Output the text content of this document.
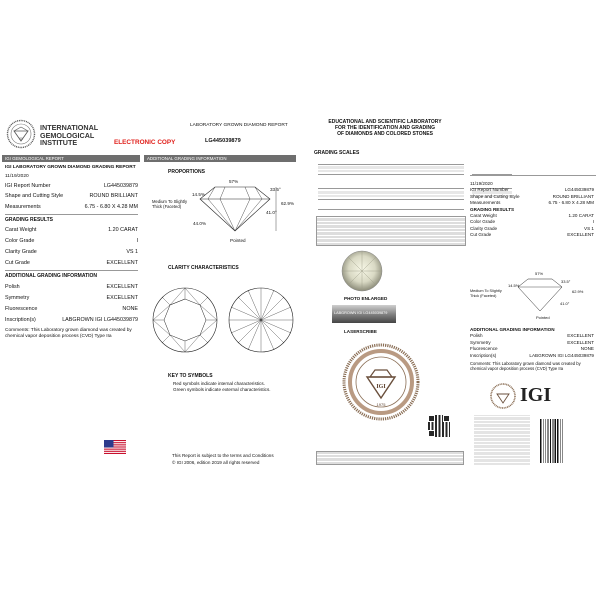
IGI
INTERNATIONAL
GEMOLOGICAL
INSTITUTE	ELECTRONIC COPY
LABORATORY GROWN DIAMOND REPORT
LG445039879
IGI GEMOLOGICAL REPORT	ADDITIONAL GRADING INFORMATION
IGI LABORATORY GROWN DIAMOND GRADING REPORT
11/19/2020
IGI Report Number	LG445039879
Shape and Cutting Style	ROUND BRILLIANT
Measurements	6.75 - 6.80 X 4.28 MM
GRADING RESULTS
Carat Weight	1.20 CARAT
Color Grade	I
Clarity Grade	VS 1
Cut Grade	EXCELLENT
ADDITIONAL GRADING INFORMATION
Polish	EXCELLENT
Symmetry	EXCELLENT
Fluorescence	NONE
Inscription(s)	LABGROWN IGI LG445039879
Comments: This Laboratory grown diamond was created by chemical vapor deposition process (CVD) Type IIa
PROPORTIONS
57%
14.5%
33.5°
44.0%
41.0°
62.9%
Medium To Slightly Thick (Faceted)
Pointed
CLARITY CHARACTERISTICS
KEY TO SYMBOLS
Red symbols indicate internal characteristics.
Green symbols indicate external characteristics.
This Report is subject to the terms and Conditions
© IGI 2006, edition 2019 all rights reserved
EDUCATIONAL AND SCIENTIFIC LABORATORY
FOR THE IDENTIFICATION AND GRADING
OF DIAMONDS AND COLORED STONES
GRADING SCALES
PHOTO ENLARGED
LABGROWN IGI LG445039879
LASERSCRIBE
IGI
1975
11/19/2020
IGI Report Number	LG445039879
Shape and Cutting Style	ROUND BRILLIANT
Measurements	6.75 - 6.80 X 4.28 MM
GRADING RESULTS
Carat Weight	1.20 CARAT
Color Grade	I
Clarity Grade	VS 1
Cut Grade	EXCELLENT
57%
14.5%
33.5°
62.9%
41.0°
Medium To Slightly Thick (Faceted)
Pointed
ADDITIONAL GRADING INFORMATION
Polish	EXCELLENT
Symmetry	EXCELLENT
Fluorescence	NONE
Inscription(s)	LABGROWN IGI LG445039879
Comments: This Laboratory grown diamond was created by chemical vapor deposition process (CVD) Type IIa
IGI
